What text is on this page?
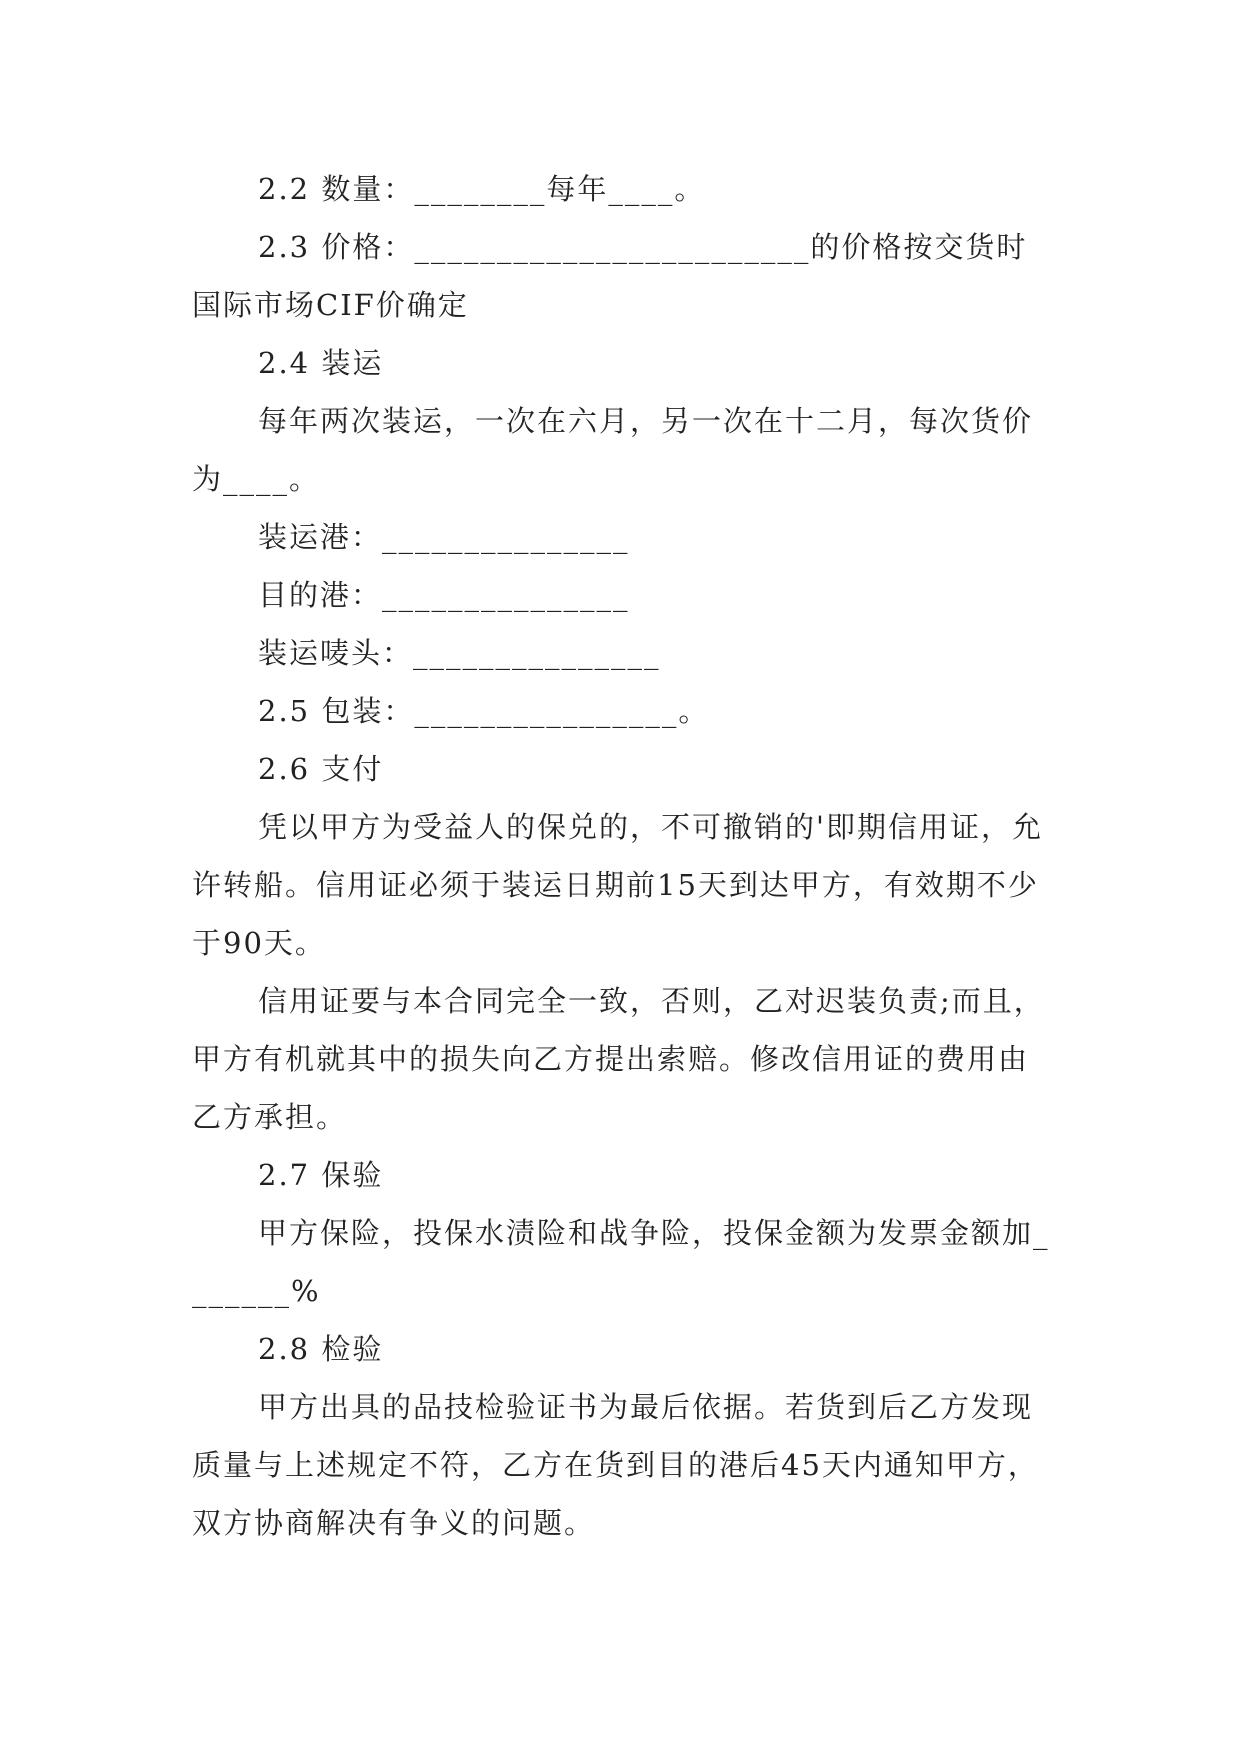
2.2 数量：________每年____。

2.3 价格：________________________的价格按交货时国际市场CIF价确定

2.4 装运

每年两次装运，一次在六月，另一次在十二月，每次货价为____。

装运港：_______________

目的港：_______________

装运唛头：_______________

2.5 包装：________________。

2.6 支付

凭以甲方为受益人的保兑的，不可撤销的'即期信用证，允许转船。信用证必须于装运日期前15天到达甲方，有效期不少于90天。

信用证要与本合同完全一致，否则，乙对迟装负责;而且，甲方有机就其中的损失向乙方提出索赔。修改信用证的费用由乙方承担。

2.7 保验

甲方保险，投保水渍险和战争险，投保金额为发票金额加_______%

2.8 检验

甲方出具的品技检验证书为最后依据。若货到后乙方发现质量与上述规定不符，乙方在货到目的港后45天内通知甲方，双方协商解决有争义的问题。
